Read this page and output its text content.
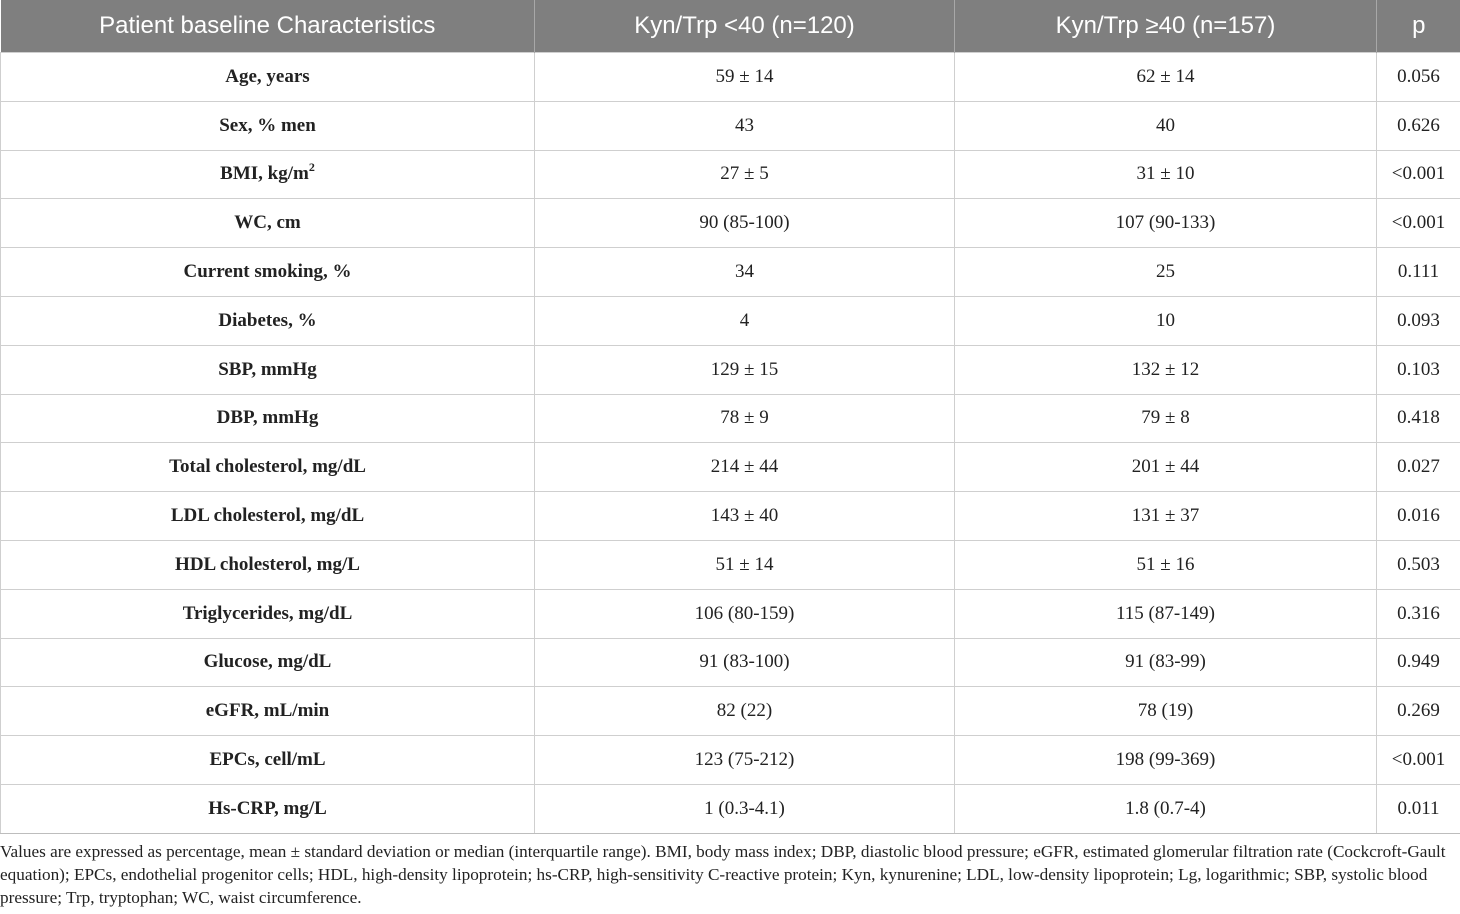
Patient baseline Characteristics	Kyn/Trp <40 (n=120)	Kyn/Trp ≥40 (n=157)	p
Age, years	59 ± 14	62 ± 14	0.056
Sex, % men	43	40	0.626
BMI, $kg/m^2$	27 ± 5	31 ± 10	<0.001
WC, cm	90 (85-100)	107 (90-133)	<0.001
Current smoking, %	34	25	0.111
Diabetes, %	4	10	0.093
SBP, mmHg	129 ± 15	132 ± 12	0.103
DBP, mmHg	78 ± 9	79 ± 8	0.418
Total cholesterol, mg/dL	214 ± 44	201 ± 44	0.027
LDL cholesterol, mg/dL	143 ± 40	131 ± 37	0.016
HDL cholesterol, mg/L	51 ± 14	51 ± 16	0.503
Triglycerides, mg/dL	106 (80-159)	115 (87-149)	0.316
Glucose, mg/dL	91 (83-100)	91 (83-99)	0.949
eGFR, mL/min	82 (22)	78 (19)	0.269
EPCs, cell/mL	123 (75-212)	198 (99-369)	<0.001
Hs-CRP, mg/L	1 (0.3-4.1)	1.8 (0.7-4)	0.011

Values are expressed as percentage, mean ± standard deviation or median (interquartile range). BMI, body mass index; DBP, diastolic blood pressure; eGFR, estimated glomerular filtration rate (Cockcroft-Gault equation); EPCs, endothelial progenitor cells; HDL, high-density lipoprotein; hs-CRP, high-sensitivity C-reactive protein; Kyn, kynurenine; LDL, low-density lipoprotein; Lg, logarithmic; SBP, systolic blood pressure; Trp, tryptophan; WC, waist circumference.
